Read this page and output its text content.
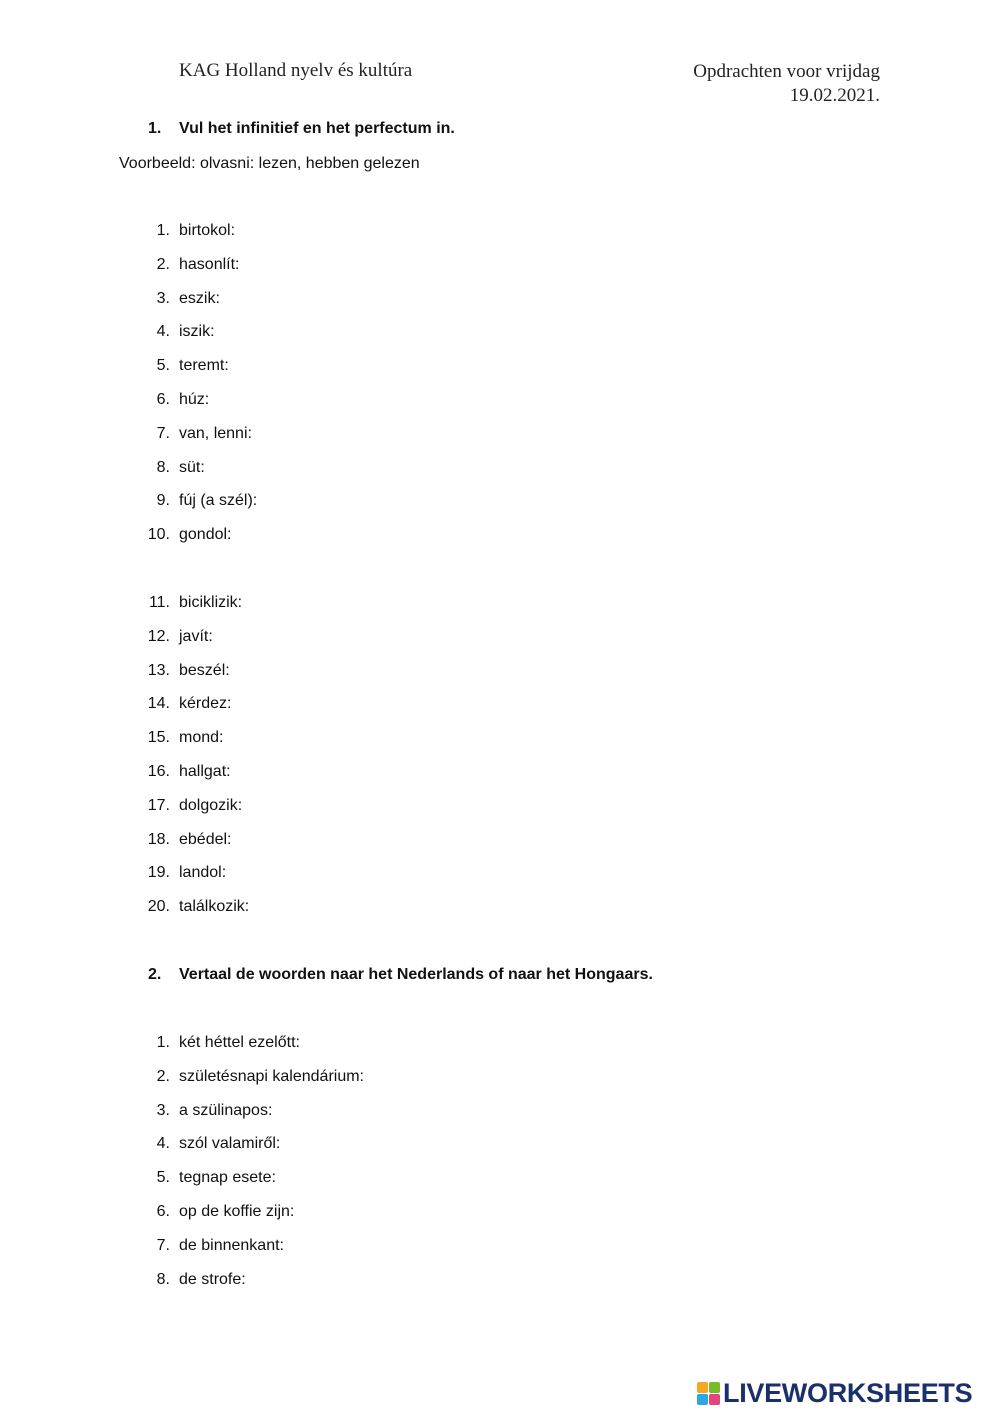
KAG Holland nyelv és kultúra	Opdrachten voor vrijdag
19.02.2021.
1. Vul het infinitief en het perfectum in.
Voorbeeld: olvasni: lezen, hebben gelezen
1. birtokol:
2. hasonlít:
3. eszik:
4. iszik:
5. teremt:
6. húz:
7. van, lenni:
8. süt:
9. fúj (a szél):
10. gondol:
11. biciklizik:
12. javít:
13. beszél:
14. kérdez:
15. mond:
16. hallgat:
17. dolgozik:
18. ebédel:
19. landol:
20. találkozik:
2. Vertaal de woorden naar het Nederlands of naar het Hongaars.
1. két héttel ezelőtt:
2. születésnapi kalendárium:
3. a szülinapos:
4. szól valamiről:
5. tegnap esete:
6. op de koffie zijn:
7. de binnenkant:
8. de strofe:
LIVEWORKSHEETS
